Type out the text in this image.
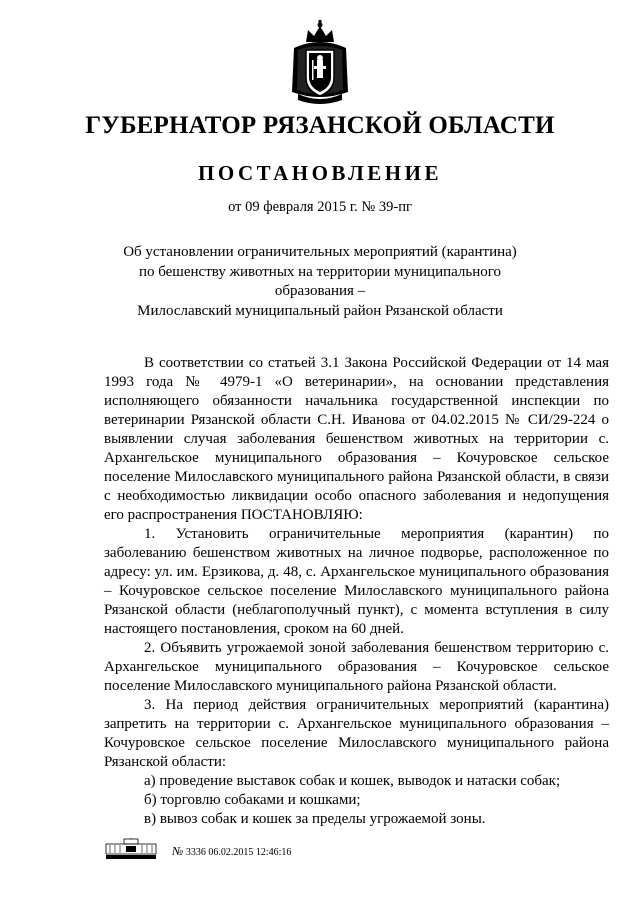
ГУБЕРНАТОР РЯЗАНСКОЙ ОБЛАСТИ
ПОСТАНОВЛЕНИЕ
от 09 февраля 2015 г. № 39-пг
Об установлении ограничительных мероприятий (карантина)
по бешенству животных на территории муниципального образования –
Милославский муниципальный район Рязанской области

В соответствии со статьей 3.1 Закона Российской Федерации от 14 мая 1993 года № 4979-1 «О ветеринарии», на основании представления исполняющего обязанности начальника государственной инспекции по ветеринарии Рязанской области С.Н. Иванова от 04.02.2015 № СИ/29-224 о выявлении случая заболевания бешенством животных на территории с. Архангельское муниципального образования – Кочуровское сельское поселение Милославского муниципального района Рязанской области, в связи с необходимостью ликвидации особо опасного заболевания и недопущения его распространения ПОСТАНОВЛЯЮ:

1. Установить ограничительные мероприятия (карантин) по заболеванию бешенством животных на личное подворье, расположенное по адресу: ул. им. Ерзикова, д. 48, с. Архангельское муниципального образования – Кочуровское сельское поселение Милославского муниципального района Рязанской области (неблагополучный пункт), с момента вступления в силу настоящего постановления, сроком на 60 дней.

2. Объявить угрожаемой зоной заболевания бешенством территорию с. Архангельское муниципального образования – Кочуровское сельское поселение Милославского муниципального района Рязанской области.

3. На период действия ограничительных мероприятий (карантина) запретить на территории с. Архангельское муниципального образования – Кочуровское сельское поселение Милославского муниципального района Рязанской области:

а) проведение выставок собак и кошек, выводок и натаски собак;

б) торговлю собаками и кошками;

в) вывоз собак и кошек за пределы угрожаемой зоны.

№ 3336 06.02.2015 12:46:16
